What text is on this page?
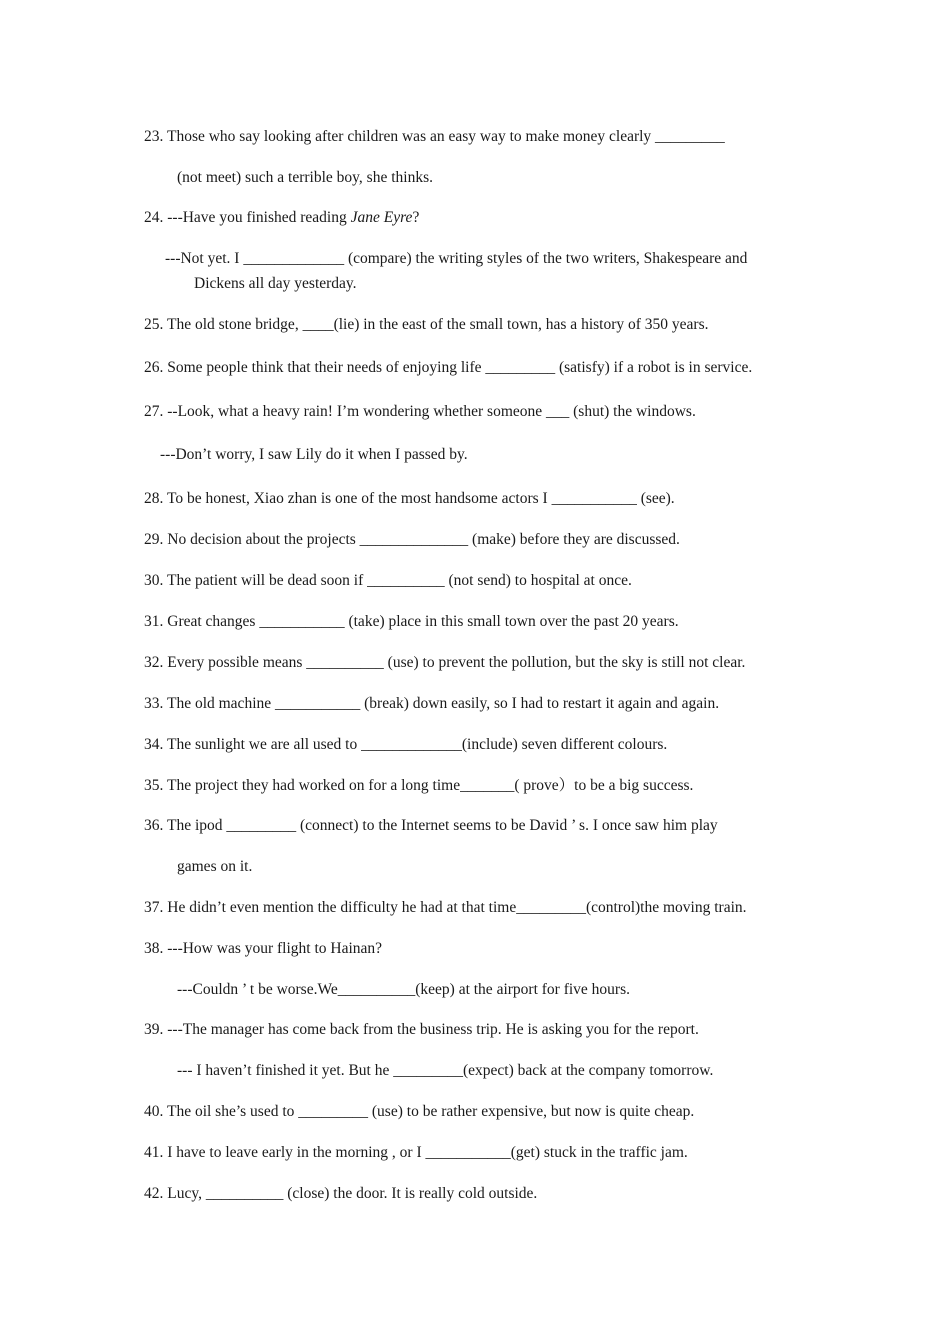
23. Those who say looking after children was an easy way to make money clearly _________
(not meet) such a terrible boy, she thinks.
24. ---Have you finished reading Jane Eyre?
---Not yet. I _____________ (compare) the writing styles of the two writers, Shakespeare and
Dickens all day yesterday.
25. The old stone bridge, ____(lie) in the east of the small town, has a history of 350 years.
26. Some people think that their needs of enjoying life _________ (satisfy) if a robot is in service.
27. --Look, what a heavy rain! I’m wondering whether someone ___ (shut) the windows.
---Don’t worry, I saw Lily do it when I passed by.
28. To be honest, Xiao zhan is one of the most handsome actors I ___________ (see).
29. No decision about the projects ______________ (make) before they are discussed.
30. The patient will be dead soon if __________ (not send) to hospital at once.
31. Great changes ___________ (take) place in this small town over the past 20 years.
32. Every possible means __________ (use) to prevent the pollution, but the sky is still not clear.
33. The old machine ___________ (break) down easily, so I had to restart it again and again.
34. The sunlight we are all used to _____________(include) seven different colours.
35. The project they had worked on for a long time_______( prove）to be a big success.
36. The ipod _________ (connect) to the Internet seems to be David ’ s. I once saw him play
games on it.
37. He didn’t even mention the difficulty he had at that time_________(control)the moving train.
38. ---How was your flight to Hainan?
---Couldn ’ t be worse.We__________(keep) at the airport for five hours.
39. ---The manager has come back from the business trip. He is asking you for the report.
--- I haven’t finished it yet. But he _________(expect) back at the company tomorrow.
40. The oil she’s used to _________ (use) to be rather expensive, but now is quite cheap.
41. I have to leave early in the morning , or I ___________(get) stuck in the traffic jam.
42. Lucy, __________ (close) the door. It is really cold outside.
